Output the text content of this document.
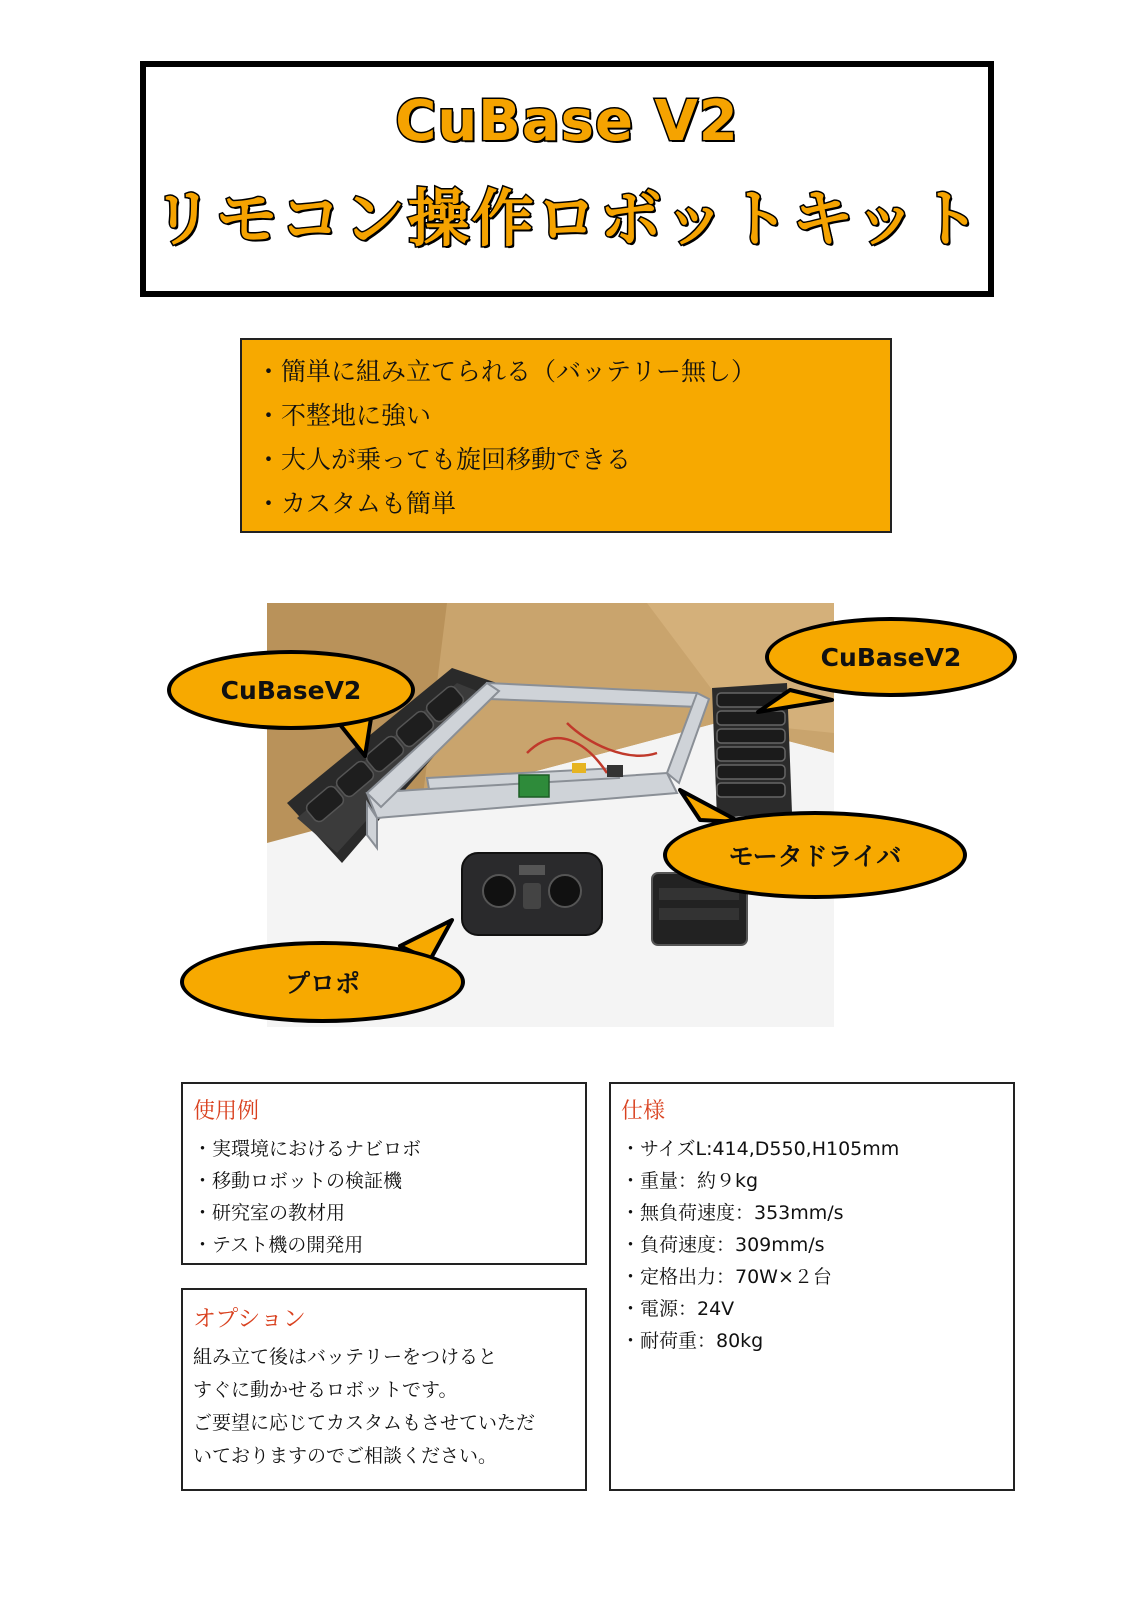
CuBase V2
リモコン操作ロボットキット
・簡単に組み立てられる（バッテリー無し）
・不整地に強い
・大人が乗っても旋回移動できる
・カスタムも簡単
CuBaseV2
CuBaseV2
モータドライバ
プロポ
使用例
・実環境におけるナビロボ
・移動ロボットの検証機
・研究室の教材用
・テスト機の開発用
オプション
組み立て後はバッテリーをつけると
すぐに動かせるロボットです。
ご要望に応じてカスタムもさせていただ
いておりますのでご相談ください。
仕様
・サイズL:414,D550,H105mm
・重量：約９kg
・無負荷速度：353mm/s
・負荷速度：309mm/s
・定格出力：70W×２台
・電源：24V
・耐荷重：80kg
